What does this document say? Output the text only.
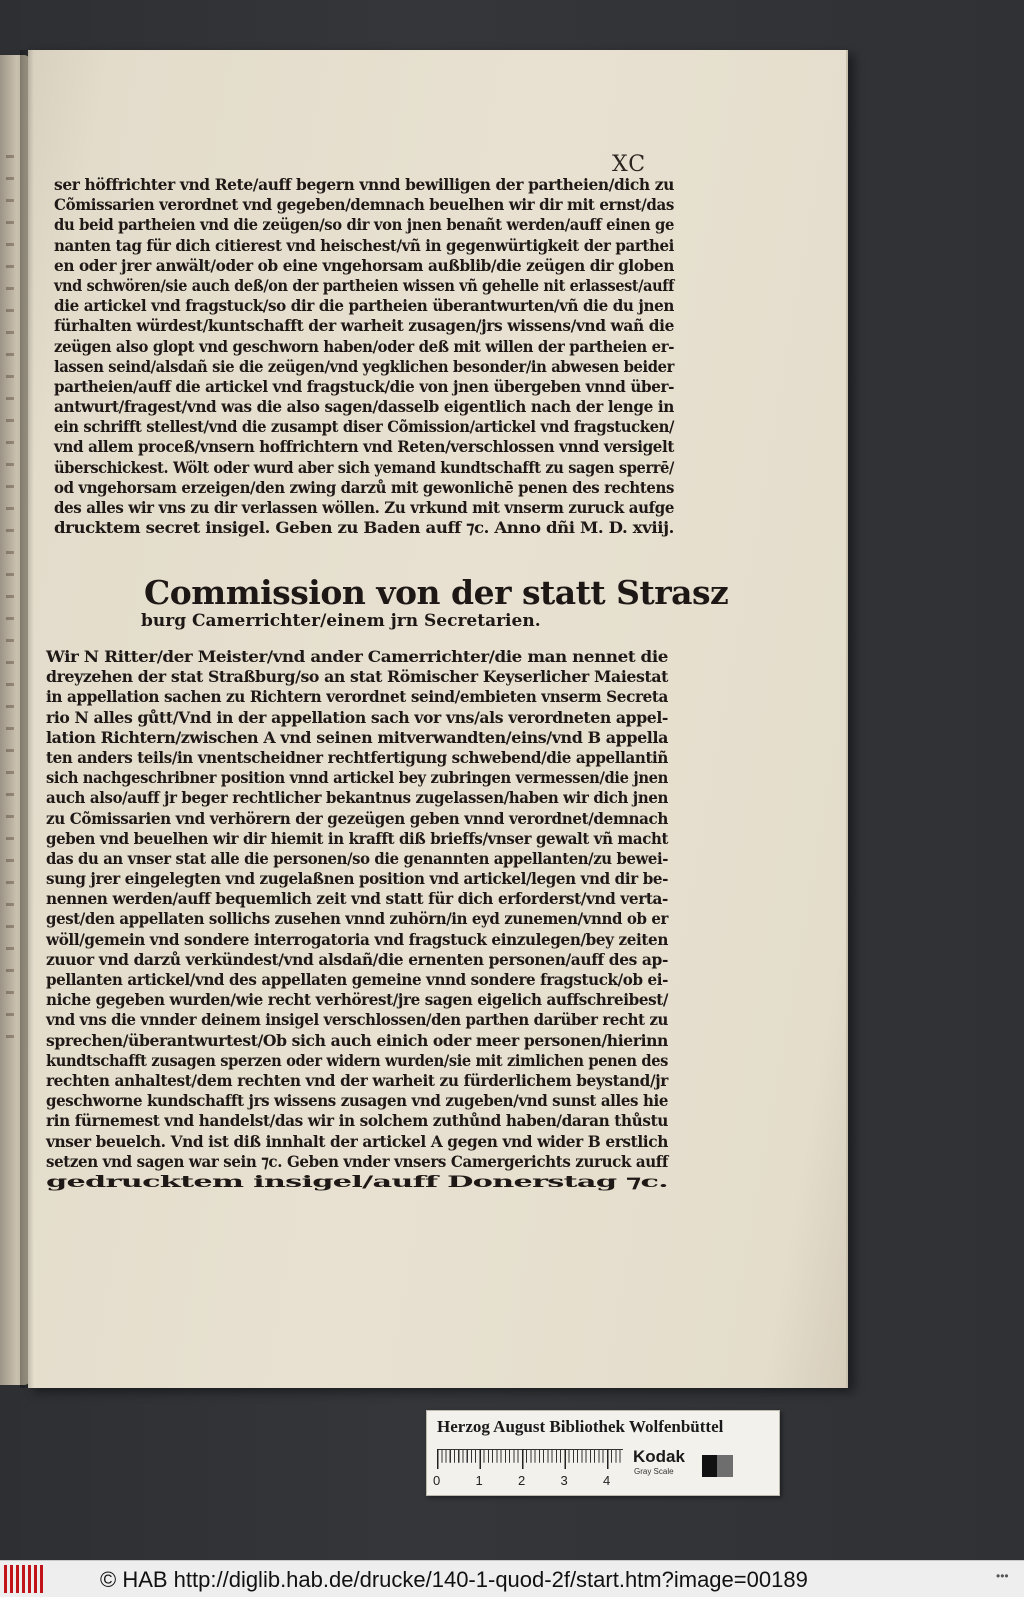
XC
ser höffrichter vnd Rete/auff begern vnnd bewilligen der partheien/dich zu
Cõmissarien verordnet vnd gegeben/demnach beuelhen wir dir mit ernst/das
du beid partheien vnd die zeügen/so dir von jnen benañt werden/auff einen ge
nanten tag für dich citierest vnd heischest/vñ in gegenwürtigkeit der parthei
en oder jrer anwält/oder ob eine vngehorsam außblib/die zeügen dir globen
vnd schwören/sie auch deß/on der partheien wissen vñ gehelle nit erlassest/auff
die artickel vnd fragstuck/so dir die partheien überantwurten/vñ die du jnen
fürhalten würdest/kuntschafft der warheit zusagen/jrs wissens/vnd wañ die
zeügen also glopt vnd geschworn haben/oder deß mit willen der partheien er-
lassen seind/alsdañ sie die zeügen/vnd yegklichen besonder/in abwesen beider
partheien/auff die artickel vnd fragstuck/die von jnen übergeben vnnd über-
antwurt/fragest/vnd was die also sagen/dasselb eigentlich nach der lenge in
ein schrifft stellest/vnd die zusampt diser Cõmission/artickel vnd fragstucken/
vnd allem proceß/vnsern hoffrichtern vnd Reten/verschlossen vnnd versigelt
überschickest. Wölt oder wurd aber sich yemand kundtschafft zu sagen sperrē/
od vngehorsam erzeigen/den zwing darzů mit gewonlichē penen des rechtens
des alles wir vns zu dir verlassen wöllen. Zu vrkund mit vnserm zuruck aufge
drucktem secret insigel. Geben zu Baden auff ⁊c. Anno dñi M. D. xviij.
Commission von der statt Strasz
burg Camerrichter/einem jrn Secretarien.
Wir N Ritter/der Meister/vnd ander Camerrichter/die man nennet die
dreyzehen der stat Straßburg/so an stat Römischer Keyserlicher Maiestat
in appellation sachen zu Richtern verordnet seind/embieten vnserm Secreta
rio N alles gůtt/Vnd in der appellation sach vor vns/als verordneten appel-
lation Richtern/zwischen A vnd seinen mitverwandten/eins/vnd B appella
ten anders teils/in vnentscheidner rechtfertigung schwebend/die appellantiñ
sich nachgeschribner position vnnd artickel bey zubringen vermessen/die jnen
auch also/auff jr beger rechtlicher bekantnus zugelassen/haben wir dich jnen
zu Cõmissarien vnd verhörern der gezeügen geben vnnd verordnet/demnach
geben vnd beuelhen wir dir hiemit in krafft diß brieffs/vnser gewalt vñ macht
das du an vnser stat alle die personen/so die genannten appellanten/zu bewei-
sung jrer eingelegten vnd zugelaßnen position vnd artickel/legen vnd dir be-
nennen werden/auff bequemlich zeit vnd statt für dich erforderst/vnd verta-
gest/den appellaten sollichs zusehen vnnd zuhörn/in eyd zunemen/vnnd ob er
wöll/gemein vnd sondere interrogatoria vnd fragstuck einzulegen/bey zeiten
zuuor vnd darzů verkündest/vnd alsdañ/die ernenten personen/auff des ap-
pellanten artickel/vnd des appellaten gemeine vnnd sondere fragstuck/ob ei-
niche gegeben wurden/wie recht verhörest/jre sagen eigelich auffschreibest/
vnd vns die vnnder deinem insigel verschlossen/den parthen darüber recht zu
sprechen/überantwurtest/Ob sich auch einich oder meer personen/hierinn
kundtschafft zusagen sperzen oder widern wurden/sie mit zimlichen penen des
rechten anhaltest/dem rechten vnd der warheit zu fürderlichem beystand/jr
geschworne kundschafft jrs wissens zusagen vnd zugeben/vnd sunst alles hie
rin fürnemest vnd handelst/das wir in solchem zuthůnd haben/daran thůstu
vnser beuelch. Vnd ist diß innhalt der artickel A gegen vnd wider B erstlich
setzen vnd sagen war sein ⁊c. Geben vnder vnsers Camergerichts zuruck auff
gedrucktem insigel/auff Donerstag ⁊c.
Herzog August Bibliothek Wolfenbüttel
0	1	2	3	4
Kodak
Gray Scale
© HAB http://diglib.hab.de/drucke/140-1-quod-2f/start.htm?image=00189	•••
